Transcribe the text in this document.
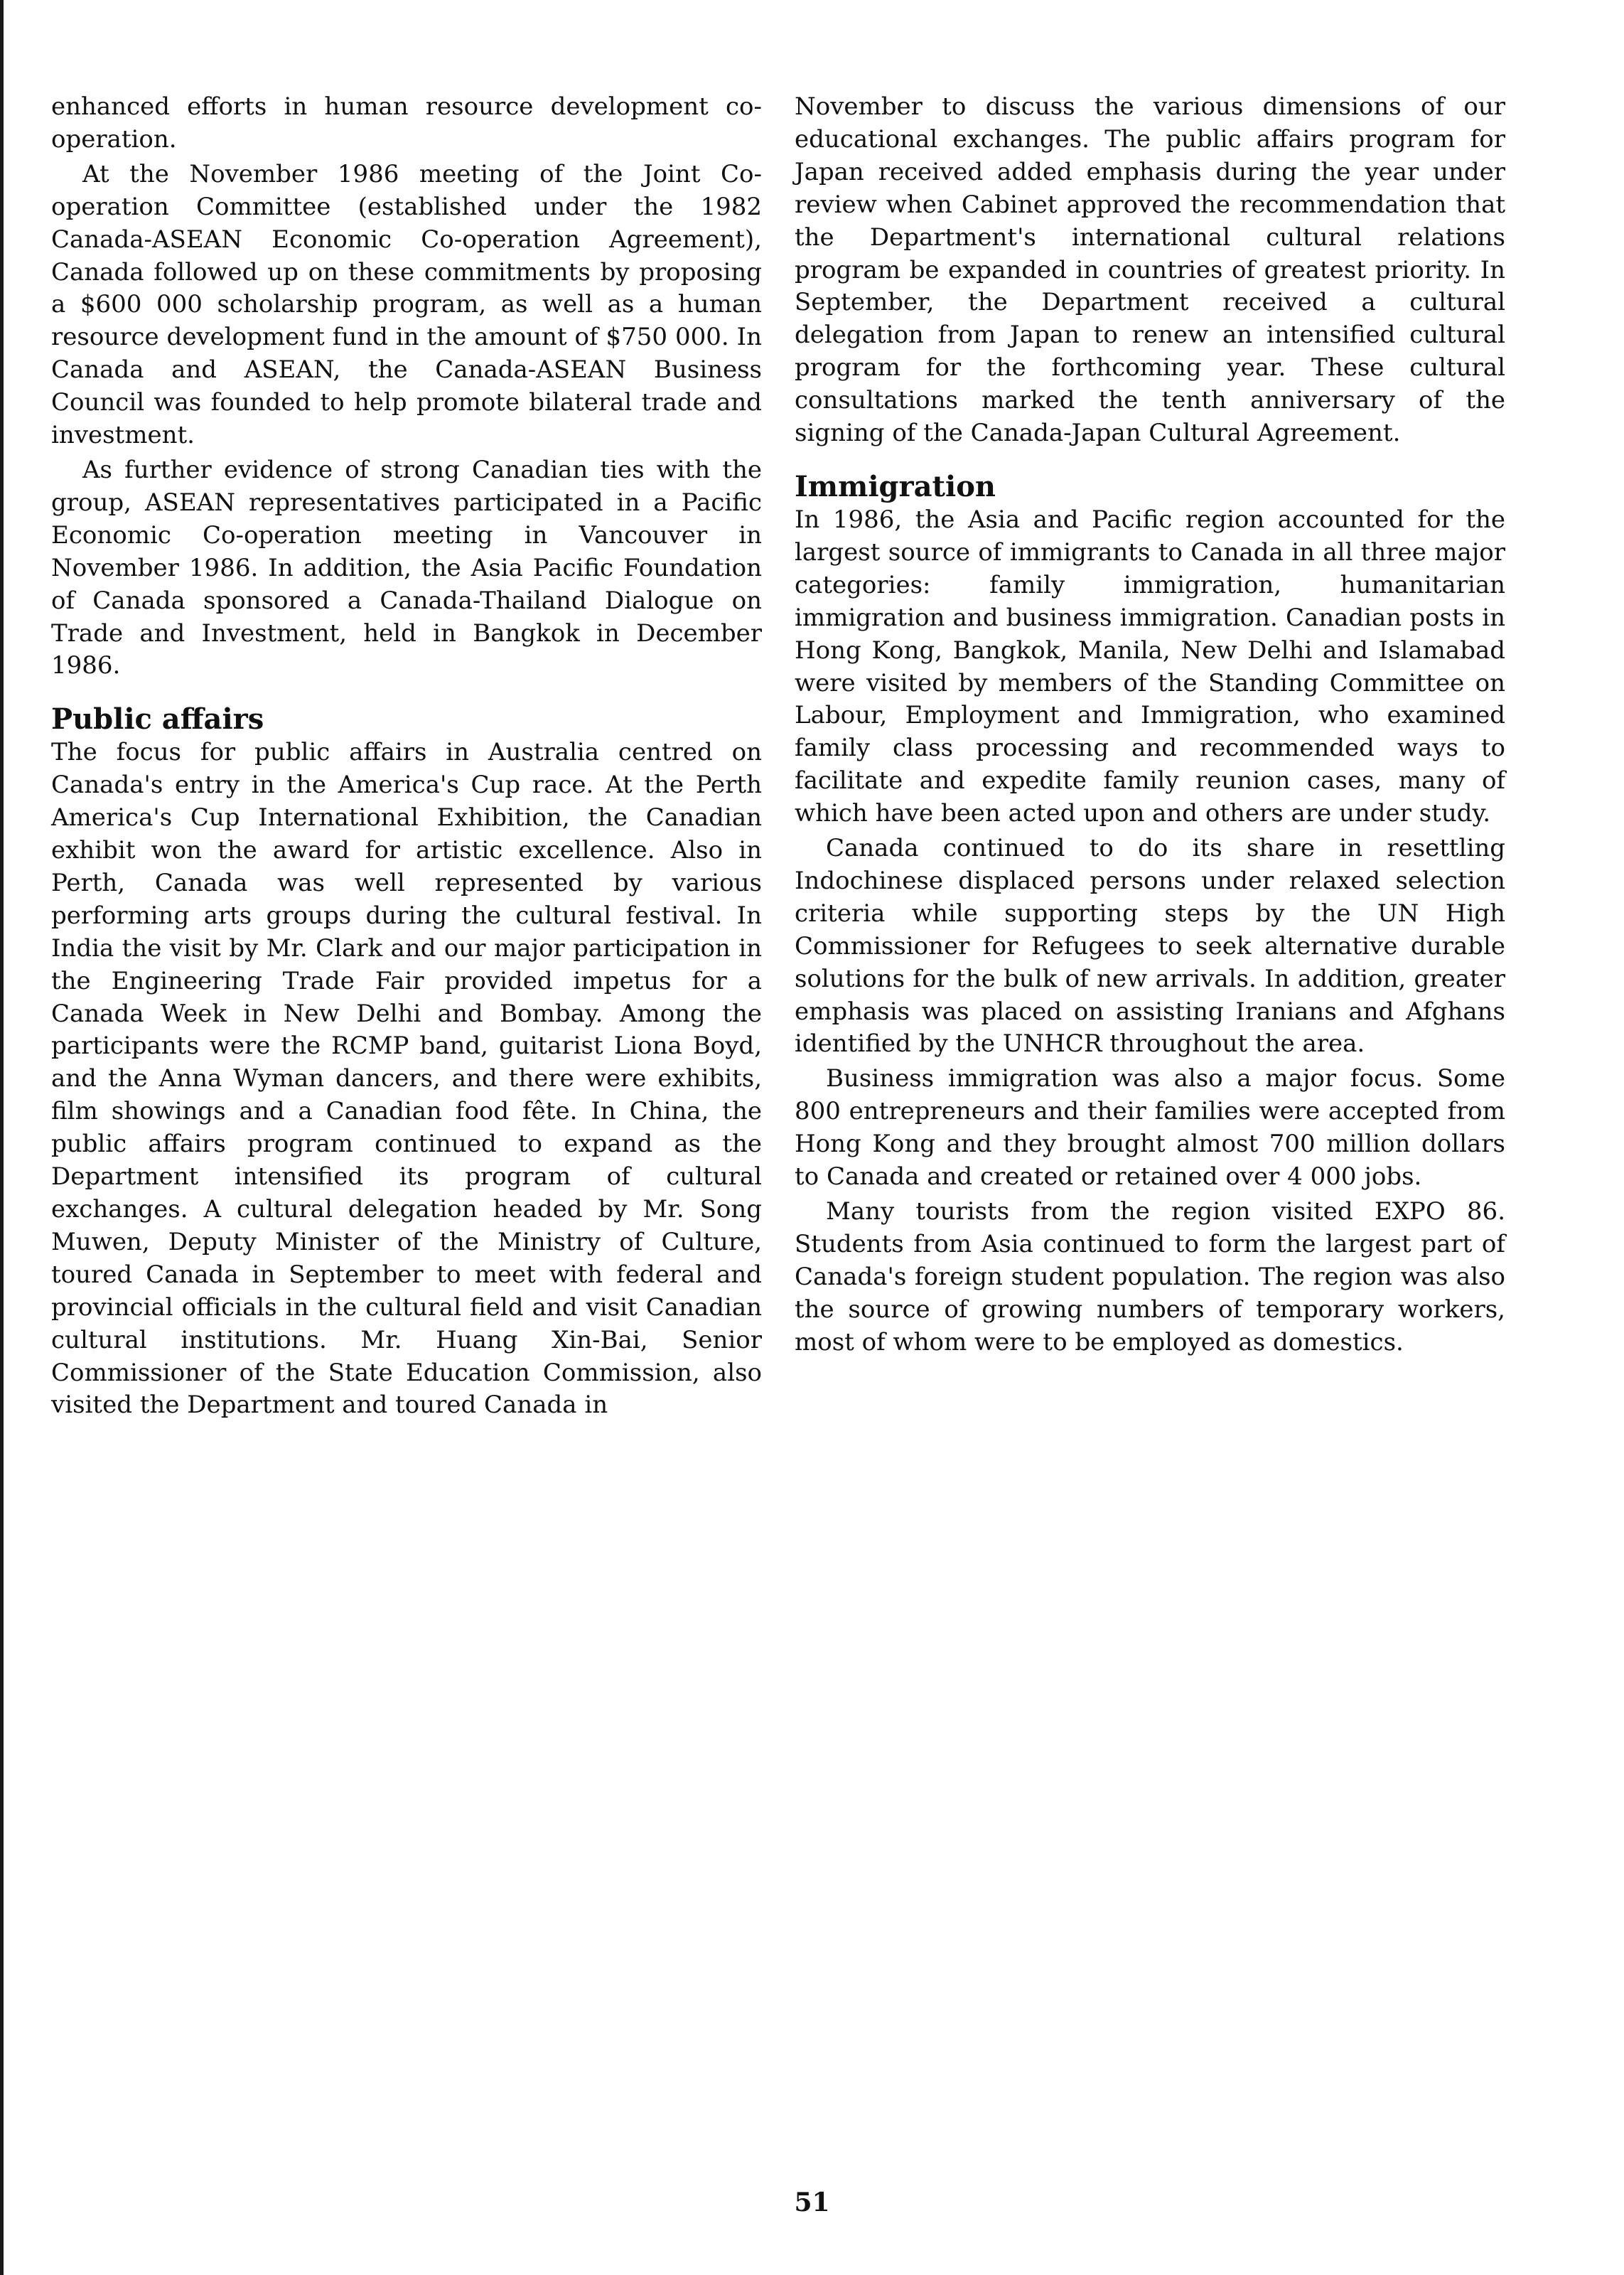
enhanced efforts in human resource development co-operation.

At the November 1986 meeting of the Joint Co-operation Committee (established under the 1982 Canada-ASEAN Economic Co-operation Agreement), Canada followed up on these commitments by proposing a $600 000 scholarship program, as well as a human resource development fund in the amount of $750 000. In Canada and ASEAN, the Canada-ASEAN Business Council was founded to help promote bilateral trade and investment.

As further evidence of strong Canadian ties with the group, ASEAN representatives participated in a Pacific Economic Co-operation meeting in Vancouver in November 1986. In addition, the Asia Pacific Foundation of Canada sponsored a Canada-Thailand Dialogue on Trade and Investment, held in Bangkok in December 1986.

Public affairs

The focus for public affairs in Australia centred on Canada's entry in the America's Cup race. At the Perth America's Cup International Exhibition, the Canadian exhibit won the award for artistic excellence. Also in Perth, Canada was well represented by various performing arts groups during the cultural festival. In India the visit by Mr. Clark and our major participation in the Engineering Trade Fair provided impetus for a Canada Week in New Delhi and Bombay. Among the participants were the RCMP band, guitarist Liona Boyd, and the Anna Wyman dancers, and there were exhibits, film showings and a Canadian food fête. In China, the public affairs program continued to expand as the Department intensified its program of cultural exchanges. A cultural delegation headed by Mr. Song Muwen, Deputy Minister of the Ministry of Culture, toured Canada in September to meet with federal and provincial officials in the cultural field and visit Canadian cultural institutions. Mr. Huang Xin-Bai, Senior Commissioner of the State Education Commission, also visited the Department and toured Canada in

November to discuss the various dimensions of our educational exchanges. The public affairs program for Japan received added emphasis during the year under review when Cabinet approved the recommendation that the Department's international cultural relations program be expanded in countries of greatest priority. In September, the Department received a cultural delegation from Japan to renew an intensified cultural program for the forthcoming year. These cultural consultations marked the tenth anniversary of the signing of the Canada-Japan Cultural Agreement.

Immigration

In 1986, the Asia and Pacific region accounted for the largest source of immigrants to Canada in all three major categories: family immigration, humanitarian immigration and business immigration. Canadian posts in Hong Kong, Bangkok, Manila, New Delhi and Islamabad were visited by members of the Standing Committee on Labour, Employment and Immigration, who examined family class processing and recommended ways to facilitate and expedite family reunion cases, many of which have been acted upon and others are under study.

Canada continued to do its share in resettling Indochinese displaced persons under relaxed selection criteria while supporting steps by the UN High Commissioner for Refugees to seek alternative durable solutions for the bulk of new arrivals. In addition, greater emphasis was placed on assisting Iranians and Afghans identified by the UNHCR throughout the area.

Business immigration was also a major focus. Some 800 entrepreneurs and their families were accepted from Hong Kong and they brought almost 700 million dollars to Canada and created or retained over 4 000 jobs.

Many tourists from the region visited EXPO 86. Students from Asia continued to form the largest part of Canada's foreign student population. The region was also the source of growing numbers of temporary workers, most of whom were to be employed as domestics.

51
